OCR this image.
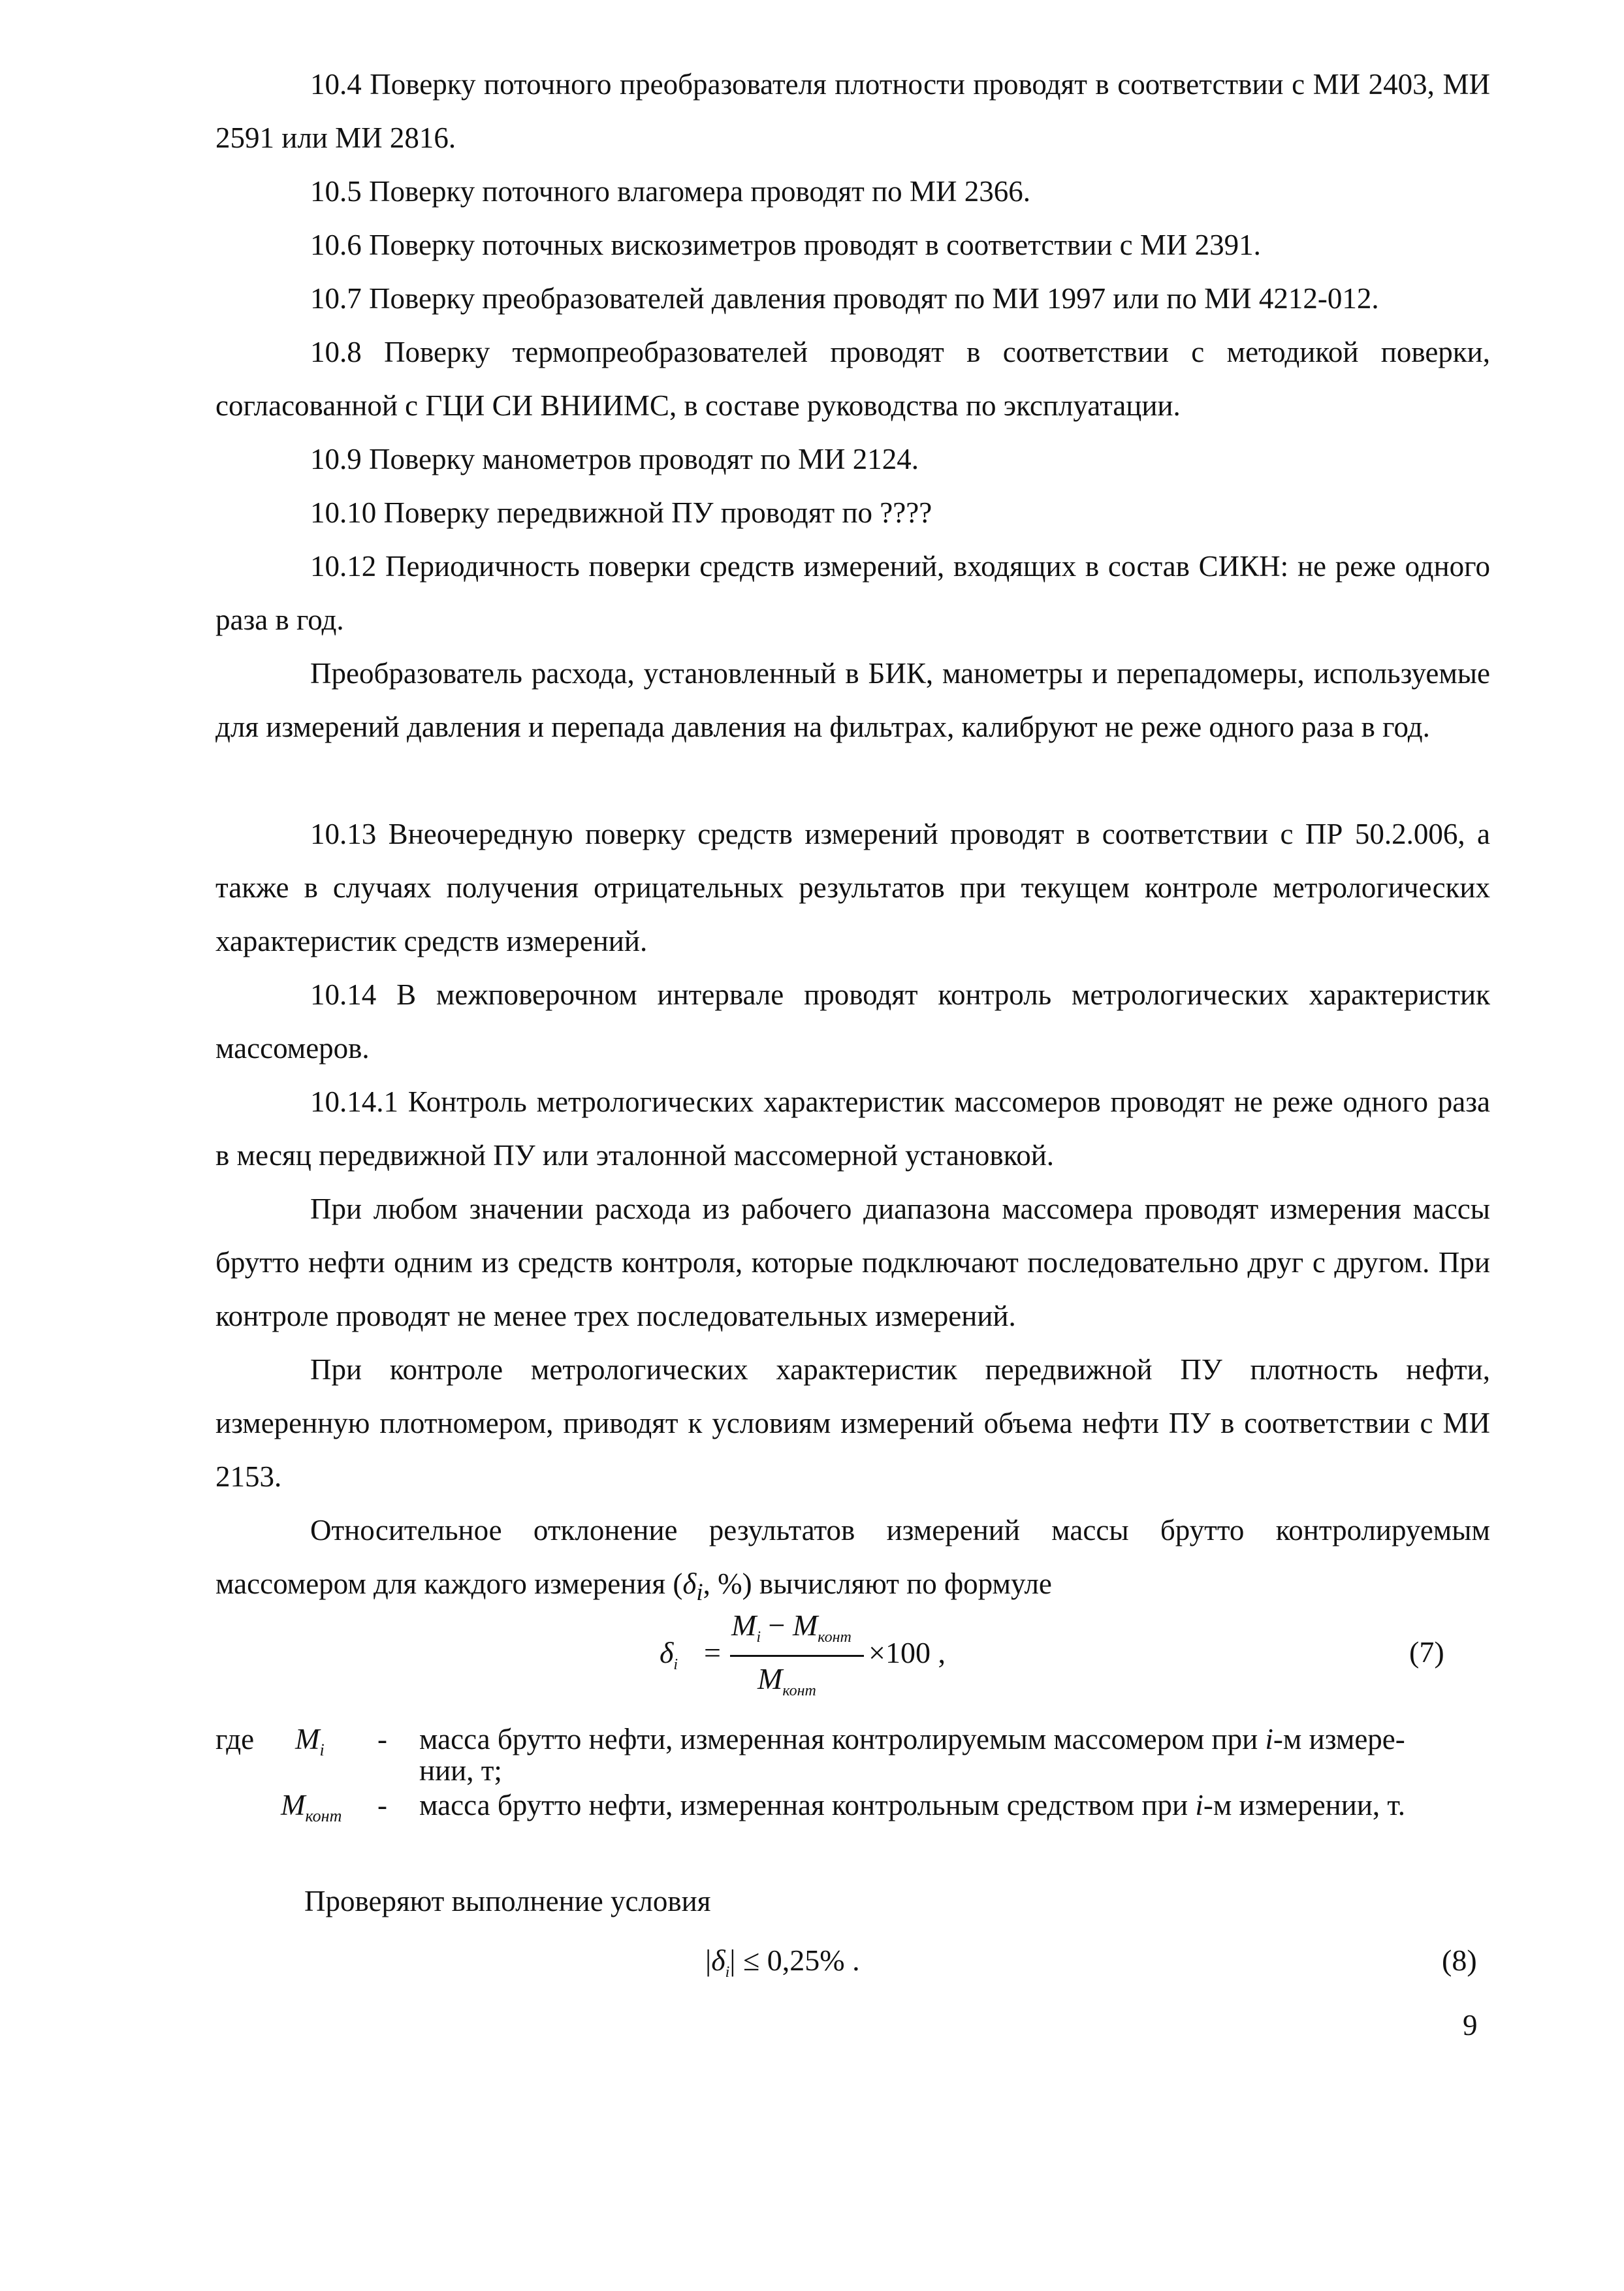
10.4 Поверку поточного преобразователя плотности проводят в соответствии с МИ 2403, МИ 2591 или МИ 2816.

10.5 Поверку поточного влагомера проводят по МИ 2366.

10.6 Поверку поточных вискозиметров проводят в соответствии с МИ 2391.

10.7 Поверку преобразователей давления проводят по МИ 1997 или по МИ 4212-012.

10.8 Поверку термопреобразователей проводят в соответствии с методикой поверки, согласованной с ГЦИ СИ ВНИИМС, в составе руководства по эксплуатации.

10.9 Поверку манометров проводят по МИ 2124.

10.10 Поверку передвижной ПУ проводят по ????

10.12 Периодичность поверки средств измерений, входящих в состав СИКН: не реже одного раза в год.

Преобразователь расхода, установленный в БИК, манометры и перепадомеры, используемые для измерений давления и перепада давления на фильтрах, калибруют не реже одного раза в год.

10.13 Внеочередную поверку средств измерений проводят в соответствии с ПР 50.2.006, а также в случаях получения отрицательных результатов при текущем контроле метрологических характеристик средств измерений.

10.14 В межповерочном интервале проводят контроль метрологических характеристик массомеров.

10.14.1 Контроль метрологических характеристик массомеров проводят не реже одного раза в месяц передвижной ПУ или эталонной массомерной установкой.

При любом значении расхода из рабочего диапазона массомера проводят измерения массы брутто нефти одним из средств контроля, которые подключают последовательно друг с другом. При контроле проводят не менее трех последовательных измерений.

При контроле метрологических характеристик передвижной ПУ плотность нефти, измеренную плотномером, приводят к условиям измерений объема нефти ПУ в соответствии с МИ 2153.

Относительное отклонение результатов измерений массы брутто контролируемым массомером для каждого измерения ($\delta_i$, %) вычисляют по формуле

$\delta_i$ =
$M_i - M_{конт}$
$M_{конт}$
×100 ,	(7)
где $M_i$ - масса брутто нефти, измеренная контролируемым массомером при i-м измере-
нии, т;
$M_{конт}$ - масса брутто нефти, измеренная контрольным средством при i-м измерении, т.

Проверяют выполнение условия

$|\delta_i| \le 0,25\%$ .	(8)
9
